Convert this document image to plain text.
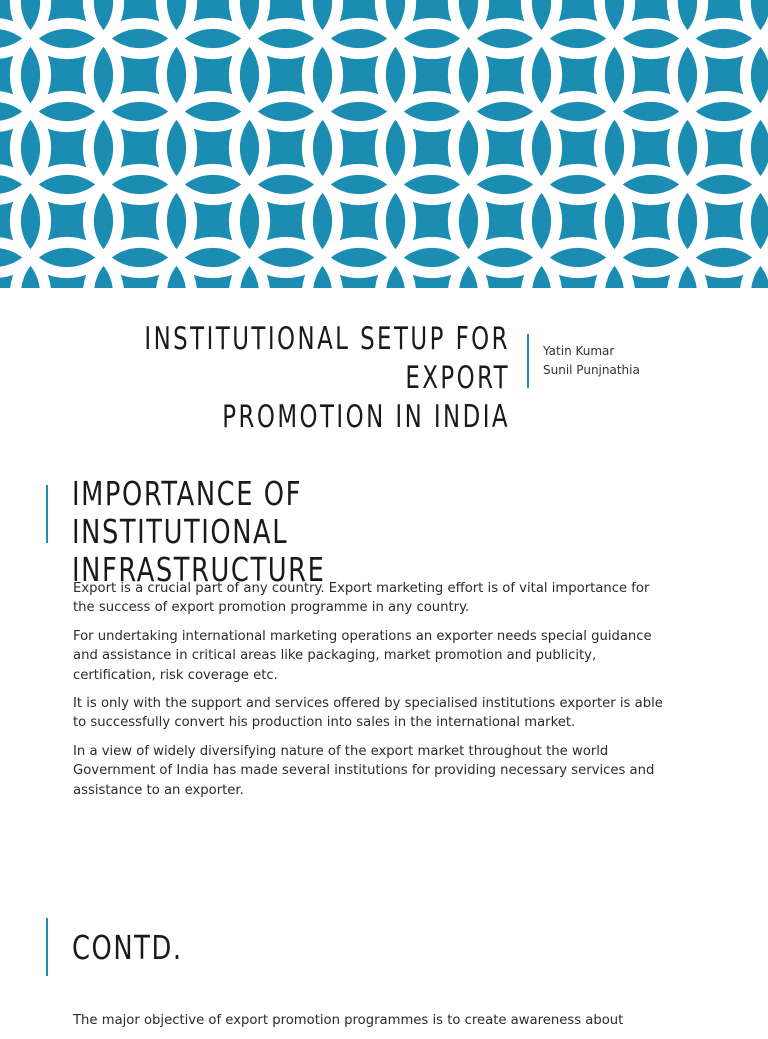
INSTITUTIONAL SETUP FOR EXPORT
PROMOTION IN INDIA
Yatin Kumar
Sunil Punjnathia
IMPORTANCE OF INSTITUTIONAL
INFRASTRUCTURE

Export is a crucial part of any country. Export marketing effort is of vital importance for the success of export promotion programme in any country.

For undertaking international marketing operations an exporter needs special guidance and assistance in critical areas like packaging, market promotion and publicity, certification, risk coverage etc.

It is only with the support and services offered by specialised institutions exporter is able to successfully convert his production into sales in the international market.

In a view of widely diversifying nature of the export market throughout the world Government of India has made several institutions for providing necessary services and assistance to an exporter.

CONTD.

The major objective of export promotion programmes is to create awareness about
